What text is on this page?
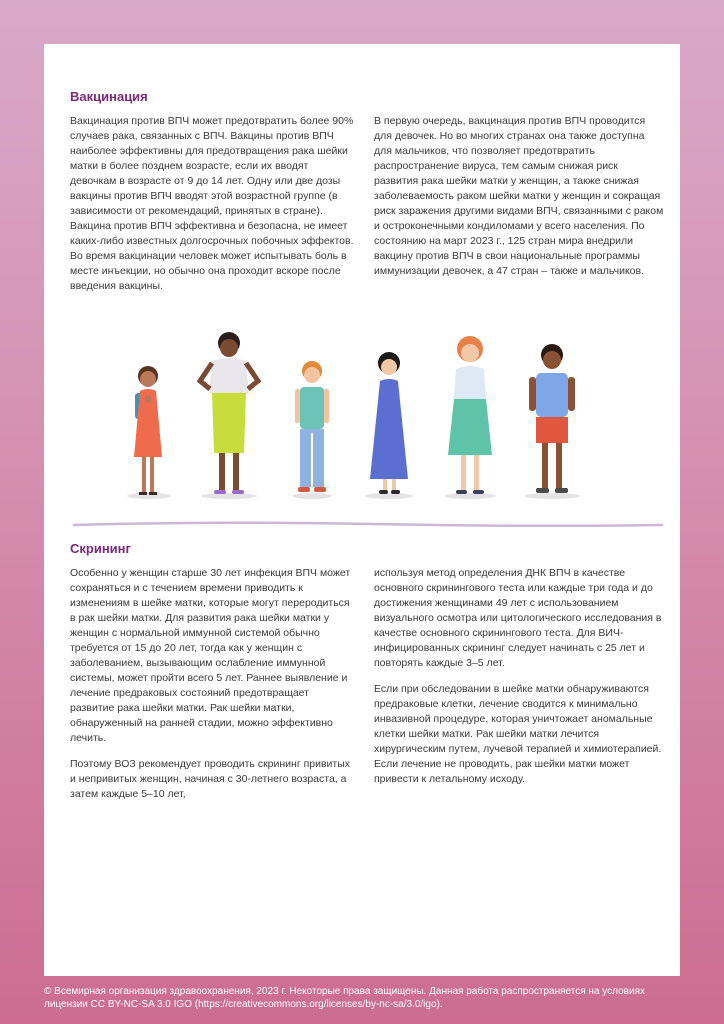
Вакцинация

Вакцинация против ВПЧ может предотвратить более 90% случаев рака, связанных с ВПЧ. Вакцины против ВПЧ наиболее эффективны для предотвращения рака шейки матки в более позднем возрасте, если их вводят девочкам в возрасте от 9 до 14 лет. Одну или две дозы вакцины против ВПЧ вводят этой возрастной группе (в зависимости от рекомендаций, принятых в стране). Вакцина против ВПЧ эффективна и безопасна, не имеет каких-либо известных долгосрочных побочных эффектов. Во время вакцинации человек может испытывать боль в месте инъекции, но обычно она проходит вскоре после введения вакцины.

В первую очередь, вакцинация против ВПЧ проводится для девочек. Но во многих странах она также доступна для мальчиков, что позволяет предотвратить распространение вируса, тем самым снижая риск развития рака шейки матки у женщин, а также снижая заболеваемость раком шейки матки у женщин и сокращая риск заражения другими видами ВПЧ, связанными с раком и остроконечными кондиломами у всего населения. По состоянию на март 2023 г., 125 стран мира внедрили вакцину против ВПЧ в свои национальные программы иммунизации девочек, а 47 стран – также и мальчиков.

Скрининг

Особенно у женщин старше 30 лет инфекция ВПЧ может сохраняться и с течением времени приводить к изменениям в шейке матки, которые могут переродиться в рак шейки матки. Для развития рака шейки матки у женщин с нормальной иммунной системой обычно требуется от 15 до 20 лет, тогда как у женщин с заболеванием, вызывающим ослабление иммунной системы, может пройти всего 5 лет. Раннее выявление и лечение предраковых состояний предотвращает развитие рака шейки матки. Рак шейки матки, обнаруженный на ранней стадии, можно эффективно лечить.

Поэтому ВОЗ рекомендует проводить скрининг привитых и непривитых женщин, начиная с 30-летнего возраста, а затем каждые 5–10 лет,

используя метод определения ДНК ВПЧ в качестве основного скринингового теста или каждые три года и до достижения женщинами 49 лет с использованием визуального осмотра или цитологического исследования в качестве основного скринингового теста. Для ВИЧ-инфицированных скрининг следует начинать с 25 лет и повторять каждые 3–5 лет.

Если при обследовании в шейке матки обнаруживаются предраковые клетки, лечение сводится к минимально инвазивной процедуре, которая уничтожает аномальные клетки шейки матки. Рак шейки матки лечится хирургическим путем, лучевой терапией и химиотерапией. Если лечение не проводить, рак шейки матки может привести к летальному исходу.

© Всемирная организация здравоохранения, 2023 г. Некоторые права защищены. Данная работа распространяется на условиях лицензии CC BY-NC-SA 3.0 IGO (https://creativecommons.org/licenses/by-nc-sa/3.0/igo).
